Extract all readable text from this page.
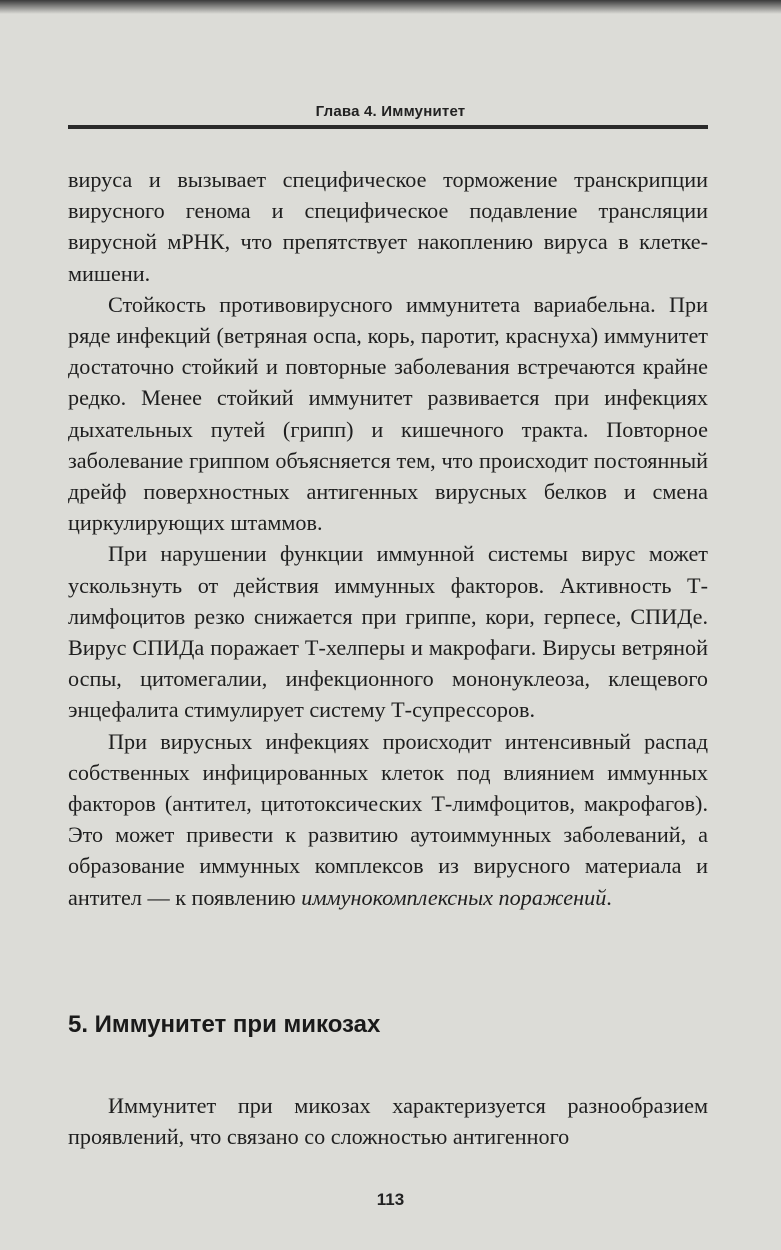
Глава 4. Иммунитет

вируса и вызывает специфическое торможение транскрипции вирусного генома и специфическое подавление трансляции вирусной мРНК, что препятствует накоплению вируса в клетке-мишени.

Стойкость противовирусного иммунитета вариабельна. При ряде инфекций (ветряная оспа, корь, паротит, краснуха) иммунитет достаточно стойкий и повторные заболевания встречаются крайне редко. Менее стойкий иммунитет развивается при инфекциях дыхательных путей (грипп) и кишечного тракта. Повторное заболевание гриппом объясняется тем, что происходит постоянный дрейф поверхностных антигенных вирусных белков и смена циркулирующих штаммов.

При нарушении функции иммунной системы вирус может ускользнуть от действия иммунных факторов. Активность Т-лимфоцитов резко снижается при гриппе, кори, герпесе, СПИДе. Вирус СПИДа поражает Т-хелперы и макрофаги. Вирусы ветряной оспы, цитомегалии, инфекционного мононуклеоза, клещевого энцефалита стимулирует систему Т-супрессоров.

При вирусных инфекциях происходит интенсивный распад собственных инфицированных клеток под влиянием иммунных факторов (антител, цитотоксических Т-лимфоцитов, макрофагов). Это может привести к развитию аутоиммунных заболеваний, а образование иммунных комплексов из вирусного материала и антител — к появлению иммунокомплексных поражений.

5. Иммунитет при микозах

Иммунитет при микозах характеризуется разнообразием проявлений, что связано со сложностью антигенного

113
